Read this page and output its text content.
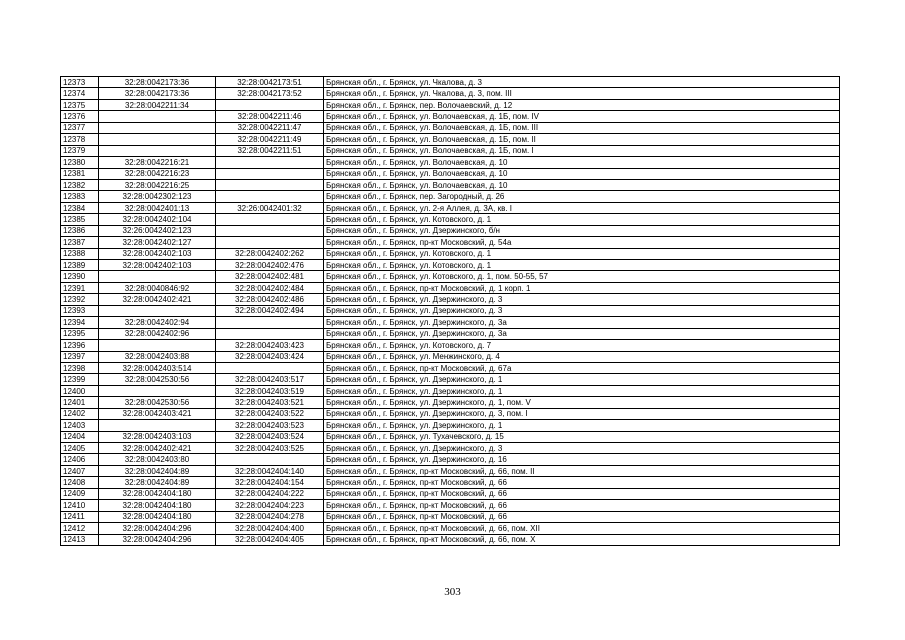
12373	32:28:0042173:36	32:28:0042173:51	Брянская обл., г. Брянск, ул. Чкалова, д. 3
12374	32:28:0042173:36	32:28:0042173:52	Брянская обл., г. Брянск, ул. Чкалова, д. 3, пом. III
12375	32:28:0042211:34		Брянская обл., г. Брянск, пер. Волочаевский, д. 12
12376		32:28:0042211:46	Брянская обл., г. Брянск, ул. Волочаевская, д. 1Б, пом. IV
12377		32:28:0042211:47	Брянская обл., г. Брянск, ул. Волочаевская, д. 1Б, пом. III
12378		32:28:0042211:49	Брянская обл., г. Брянск, ул. Волочаевская, д. 1Б, пом. II
12379		32:28:0042211:51	Брянская обл., г. Брянск, ул. Волочаевская, д. 1Б, пом. I
12380	32:28:0042216:21		Брянская обл., г. Брянск, ул. Волочаевская, д. 10
12381	32:28:0042216:23		Брянская обл., г. Брянск, ул. Волочаевская, д. 10
12382	32:28:0042216:25		Брянская обл., г. Брянск, ул. Волочаевская, д. 10
12383	32:28:0042302:123		Брянская обл., г. Брянск, пер. Загородный, д. 26
12384	32:28:0042401:13	32:26:0042401:32	Брянская обл., г. Брянск, ул. 2-я Аллея, д. 3А, кв. I
12385	32:28:0042402:104		Брянская обл., г. Брянск, ул. Котовского, д. 1
12386	32:26:0042402:123		Брянская обл., г. Брянск, ул. Дзержинского, б/н
12387	32:28:0042402:127		Брянская обл., г. Брянск, пр-кт Московский, д. 54а
12388	32:28:0042402:103	32:28:0042402:262	Брянская обл., г. Брянск, ул. Котовского, д. 1
12389	32:28:0042402:103	32:28:0042402:476	Брянская обл., г. Брянск, ул. Котовского, д. 1
12390		32:28:0042402:481	Брянская обл., г. Брянск, ул. Котовского, д. 1, пом. 50-55, 57
12391	32:28:0040846:92	32:28:0042402:484	Брянская обл., г. Брянск, пр-кт Московский, д. 1 корп. 1
12392	32:28:0042402:421	32:28:0042402:486	Брянская обл., г. Брянск, ул. Дзержинского, д. 3
12393		32:28:0042402:494	Брянская обл., г. Брянск, ул. Дзержинского, д. 3
12394	32:28:0042402:94		Брянская обл., г. Брянск, ул. Дзержинского, д. 3а
12395	32:28:0042402:96		Брянская обл., г. Брянск, ул. Дзержинского, д. 3а
12396		32:28:0042403:423	Брянская обл., г. Брянск, ул. Котовского, д. 7
12397	32:28:0042403:88	32:28:0042403:424	Брянская обл., г. Брянск, ул. Менжинского, д. 4
12398	32:28:0042403:514		Брянская обл., г. Брянск, пр-кт Московский, д. 67а
12399	32:28:0042530:56	32:28:0042403:517	Брянская обл., г. Брянск, ул. Дзержинского, д. 1
12400		32:28:0042403:519	Брянская обл., г. Брянск, ул. Дзержинского, д. 1
12401	32:28:0042530:56	32:28:0042403:521	Брянская обл., г. Брянск, ул. Дзержинского, д. 1, пом. V
12402	32:28:0042403:421	32:28:0042403:522	Брянская обл., г. Брянск, ул. Дзержинского, д. 3, пом. I
12403		32:28:0042403:523	Брянская обл., г. Брянск, ул. Дзержинского, д. 1
12404	32:28:0042403:103	32:28:0042403:524	Брянская обл., г. Брянск, ул. Тухачевского, д. 15
12405	32:28:0042402:421	32:28:0042403:525	Брянская обл., г. Брянск, ул. Дзержинского, д. 3
12406	32:28:0042403:80		Брянская обл., г. Брянск, ул. Дзержинского, д. 16
12407	32:28:0042404:89	32:28:0042404:140	Брянская обл., г. Брянск, пр-кт Московский, д. 66, пом. II
12408	32:28:0042404:89	32:28:0042404:154	Брянская обл., г. Брянск, пр-кт Московский, д. 66
12409	32:28:0042404:180	32:28:0042404:222	Брянская обл., г. Брянск, пр-кт Московский, д. 66
12410	32:28:0042404:180	32:28:0042404:223	Брянская обл., г. Брянск, пр-кт Московский, д. 66
12411	32:28:0042404:180	32:28:0042404:278	Брянская обл., г. Брянск, пр-кт Московский, д. 66
12412	32:28:0042404:296	32:28:0042404:400	Брянская обл., г. Брянск, пр-кт Московский, д. 66, пом. XII
12413	32:28:0042404:296	32:28:0042404:405	Брянская обл., г. Брянск, пр-кт Московский, д. 66, пом. X
303
